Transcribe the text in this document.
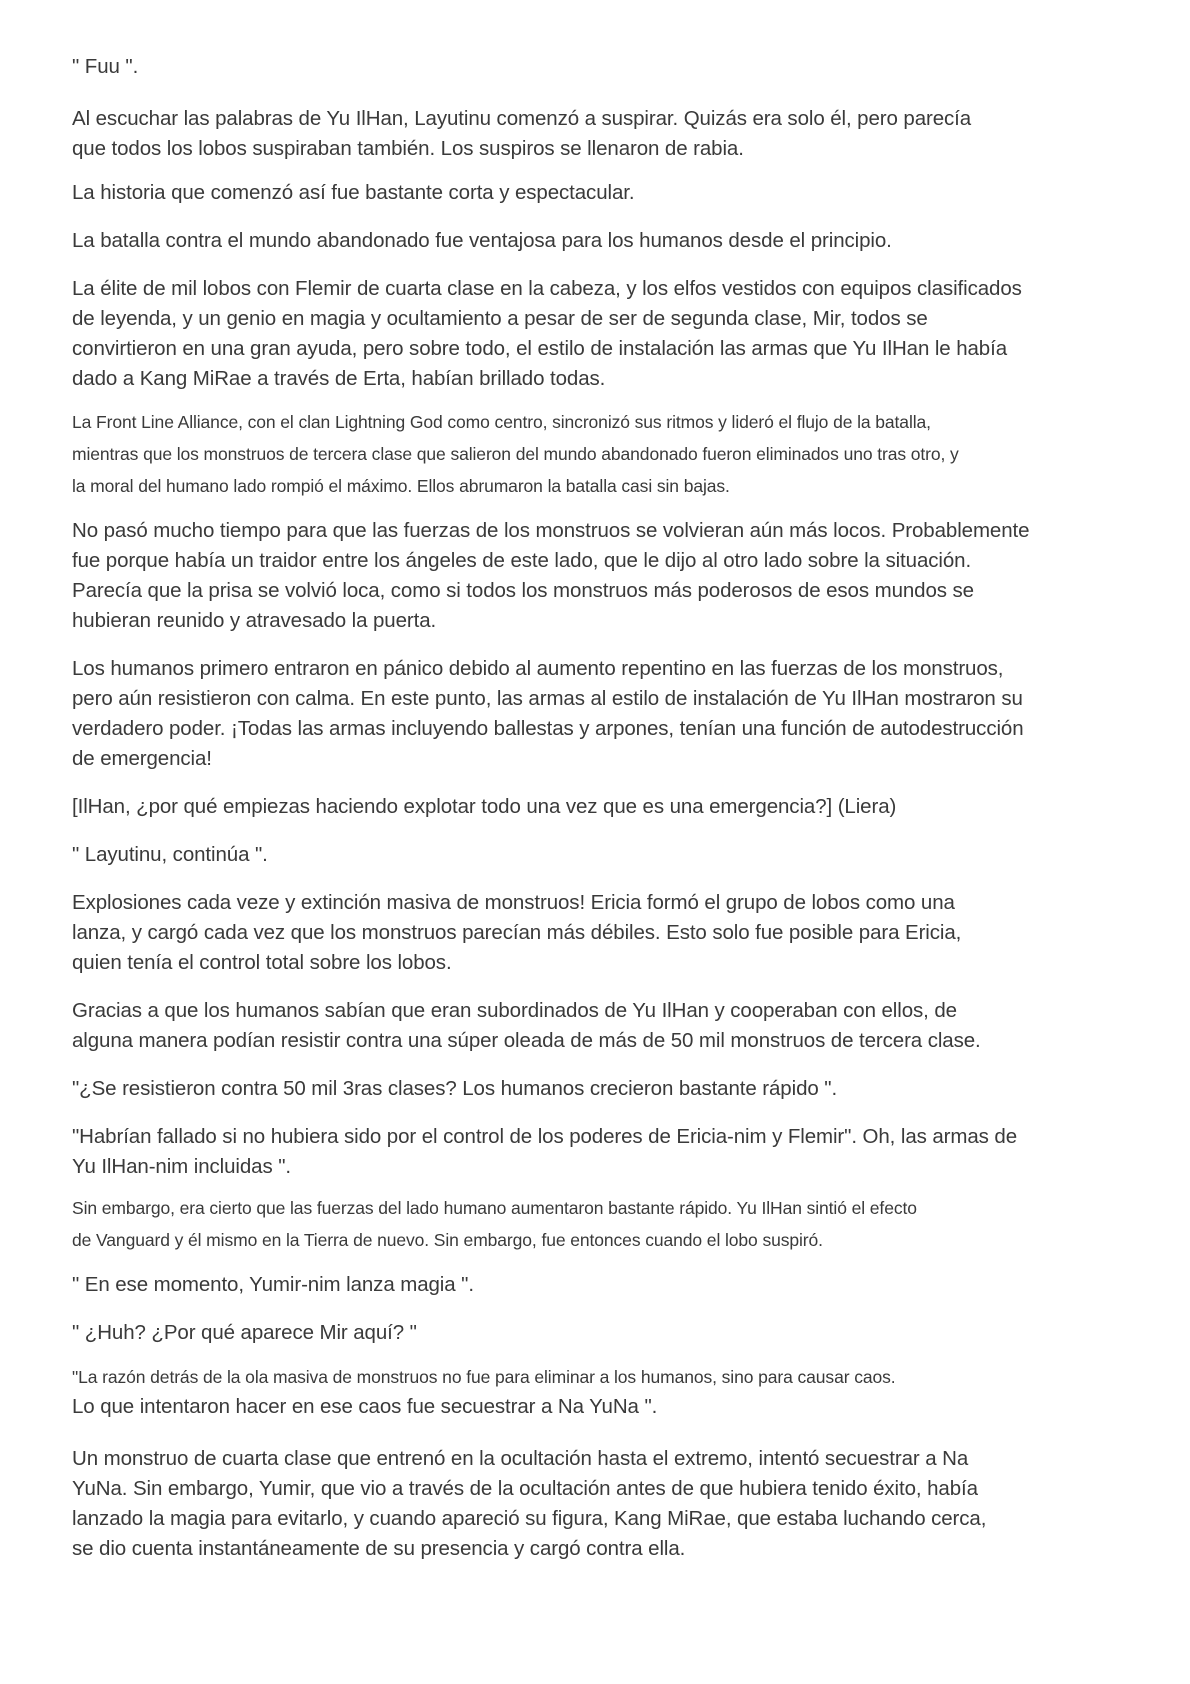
" Fuu ".

Al escuchar las palabras de Yu IlHan, Layutinu comenzó a suspirar. Quizás era solo él, pero parecía
que todos los lobos suspiraban también. Los suspiros se llenaron de rabia.

La historia que comenzó así fue bastante corta y espectacular.

La batalla contra el mundo abandonado fue ventajosa para los humanos desde el principio.

La élite de mil lobos con Flemir de cuarta clase en la cabeza, y los elfos vestidos con equipos clasificados
de leyenda, y un genio en magia y ocultamiento a pesar de ser de segunda clase, Mir, todos se
convirtieron en una gran ayuda, pero sobre todo, el estilo de instalación las armas que Yu IlHan le había
dado a Kang MiRae a través de Erta, habían brillado todas.

La Front Line Alliance, con el clan Lightning God como centro, sincronizó sus ritmos y lideró el flujo de la batalla,
mientras que los monstruos de tercera clase que salieron del mundo abandonado fueron eliminados uno tras otro, y
la moral del humano lado rompió el máximo. Ellos abrumaron la batalla casi sin bajas.

No pasó mucho tiempo para que las fuerzas de los monstruos se volvieran aún más locos. Probablemente
fue porque había un traidor entre los ángeles de este lado, que le dijo al otro lado sobre la situación.
Parecía que la prisa se volvió loca, como si todos los monstruos más poderosos de esos mundos se
hubieran reunido y atravesado la puerta.

Los humanos primero entraron en pánico debido al aumento repentino en las fuerzas de los monstruos,
pero aún resistieron con calma. En este punto, las armas al estilo de instalación de Yu IlHan mostraron su
verdadero poder. ¡Todas las armas incluyendo ballestas y arpones, tenían una función de autodestrucción
de emergencia!

[IlHan, ¿por qué empiezas haciendo explotar todo una vez que es una emergencia?] (Liera)

" Layutinu, continúa ".

Explosiones cada veze y extinción masiva de monstruos! Ericia formó el grupo de lobos como una
lanza, y cargó cada vez que los monstruos parecían más débiles. Esto solo fue posible para Ericia,
quien tenía el control total sobre los lobos.

Gracias a que los humanos sabían que eran subordinados de Yu IlHan y cooperaban con ellos, de
alguna manera podían resistir contra una súper oleada de más de 50 mil monstruos de tercera clase.

"¿Se resistieron contra 50 mil 3ras clases? Los humanos crecieron bastante rápido ".

"Habrían fallado si no hubiera sido por el control de los poderes de Ericia-nim y Flemir". Oh, las armas de
Yu IlHan-nim incluidas ".

Sin embargo, era cierto que las fuerzas del lado humano aumentaron bastante rápido. Yu IlHan sintió el efecto
de Vanguard y él mismo en la Tierra de nuevo. Sin embargo, fue entonces cuando el lobo suspiró.

" En ese momento, Yumir-nim lanza magia ".

" ¿Huh? ¿Por qué aparece Mir aquí? "

"La razón detrás de la ola masiva de monstruos no fue para eliminar a los humanos, sino para causar caos.
Lo que intentaron hacer en ese caos fue secuestrar a Na YuNa ".

Un monstruo de cuarta clase que entrenó en la ocultación hasta el extremo, intentó secuestrar a Na
YuNa. Sin embargo, Yumir, que vio a través de la ocultación antes de que hubiera tenido éxito, había
lanzado la magia para evitarlo, y cuando apareció su figura, Kang MiRae, que estaba luchando cerca,
se dio cuenta instantáneamente de su presencia y cargó contra ella.
